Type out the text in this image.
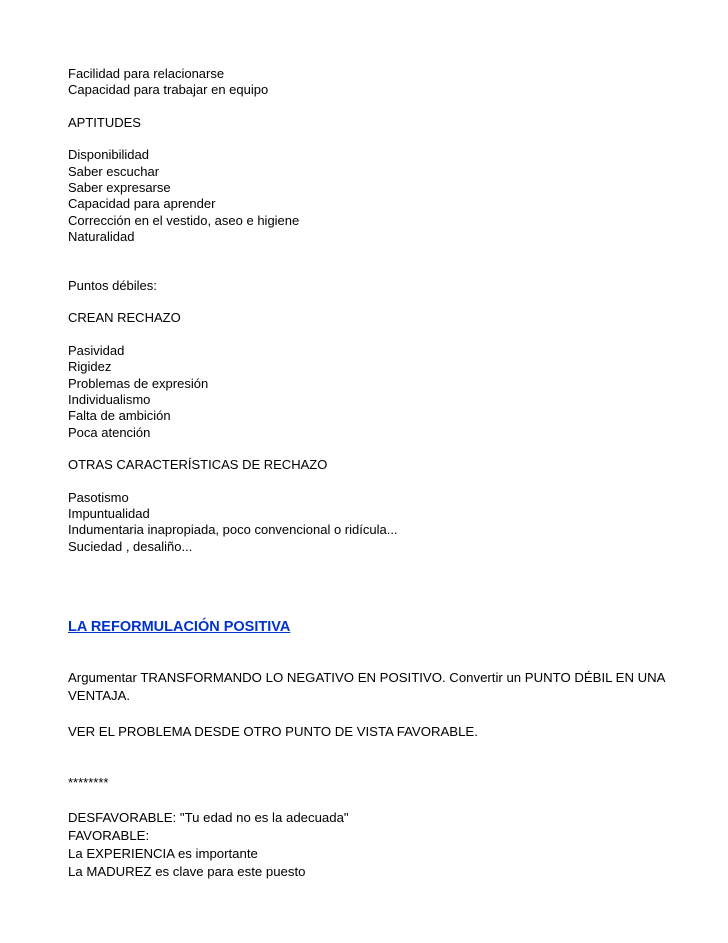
Facilidad para relacionarse

Capacidad para trabajar en equipo

APTITUDES

Disponibilidad

Saber escuchar

Saber expresarse

Capacidad para aprender

Corrección en el vestido, aseo e higiene

Naturalidad

Puntos débiles:

CREAN RECHAZO

Pasividad

Rigidez

Problemas de expresión

Individualismo

Falta de ambición

Poca atención

OTRAS CARACTERÍSTICAS DE RECHAZO

Pasotismo

Impuntualidad

Indumentaria inapropiada, poco convencional o ridícula...

Suciedad , desaliño...

LA REFORMULACIÓN POSITIVA

Argumentar TRANSFORMANDO LO NEGATIVO EN POSITIVO. Convertir un PUNTO DÉBIL EN UNA VENTAJA.

VER EL PROBLEMA DESDE OTRO PUNTO DE VISTA FAVORABLE.

********

DESFAVORABLE: "Tu edad no es la adecuada"

FAVORABLE:

La EXPERIENCIA es importante

La MADUREZ es clave para este puesto
